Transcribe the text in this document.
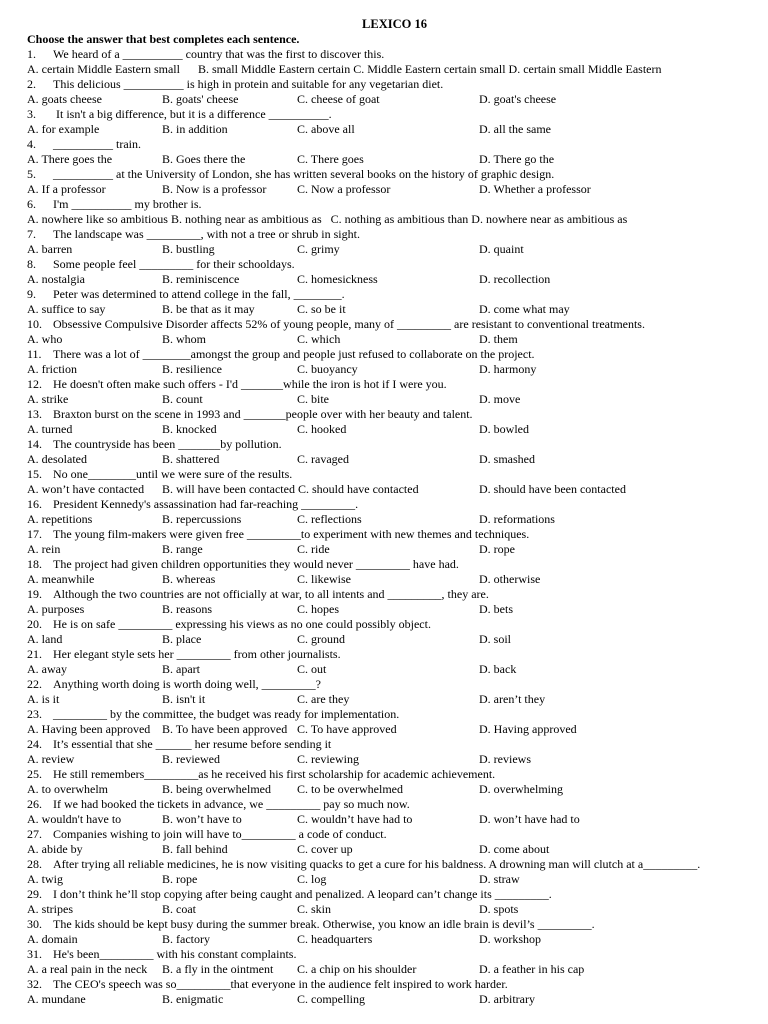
LEXICO 16
Choose the answer that best completes each sentence.
1. We heard of a __________ country that was the first to discover this.
A. certain Middle Eastern small      B. small Middle Eastern certain C. Middle Eastern certain small D. certain small Middle Eastern
2. This delicious __________ is high in protein and suitable for any vegetarian diet.
A. goats cheese	B. goats' cheese	C. cheese of goat	D. goat's cheese
3. It isn't a big difference, but it is a difference __________.
A. for example	B. in addition	C. above all	D. all the same
4. __________ train.
A. There goes the	B. Goes there the	C. There goes	D. There go the
5. __________ at the University of London, she has written several books on the history of graphic design.
A. If a professor	B. Now is a professor	C. Now a professor	D. Whether a professor
6. I'm __________ my brother is.
A. nowhere like so ambitious B. nothing near as ambitious as   C. nothing as ambitious than D. nowhere near as ambitious as
7. The landscape was _________, with not a tree or shrub in sight.
A. barren	B. bustling	C. grimy	D. quaint
8. Some people feel _________ for their schooldays.
A. nostalgia	B. reminiscence	C. homesickness	D. recollection
9. Peter was determined to attend college in the fall, ________.
A. suffice to say	B. be that as it may	C. so be it	D. come what may
10. Obsessive Compulsive Disorder affects 52% of young people, many of _________ are resistant to conventional treatments.
A. who	B. whom	C. which	D. them
11. There was a lot of ________amongst the group and people just refused to collaborate on the project.
A. friction	B. resilience	C. buoyancy	D. harmony
12. He doesn't often make such offers - I'd _______while the iron is hot if I were you.
A. strike	B. count	C. bite	D. move
13. Braxton burst on the scene in 1993 and _______people over with her beauty and talent.
A. turned	B. knocked	C. hooked	D. bowled
14. The countryside has been _______by pollution.
A. desolated	B. shattered	C. ravaged	D. smashed
15. No one________until we were sure of the results.
A. won’t have contacted B. will have been contacted C. should have contacted	D. should have been contacted
16. President Kennedy's assassination had far-reaching _________.
A. repetitions	B. repercussions	C. reflections	D. reformations
17. The young film-makers were given free _________to experiment with new themes and techniques.
A. rein	B. range	C. ride	D. rope
18. The project had given children opportunities they would never _________ have had.
A. meanwhile	B. whereas	C. likewise	D. otherwise
19. Although the two countries are not officially at war, to all intents and _________, they are.
A. purposes	B. reasons	C. hopes	D. bets
20. He is on safe _________ expressing his views as no one could possibly object.
A. land	B. place	C. ground	D. soil
21. Her elegant style sets her _________ from other journalists.
A. away	B. apart	C. out	D. back
22. Anything worth doing is worth doing well, _________?
A. is it	B. isn't it	C. are they	D. aren’t they
23. _________ by the committee, the budget was ready for implementation.
A. Having been approved B. To have been approved C. To have approved	D. Having approved
24. It’s essential that she ______ her resume before sending it
A. review	B. reviewed	C. reviewing	D. reviews
25. He still remembers_________as he received his first scholarship for academic achievement.
A. to overwhelm	B. being overwhelmed C. to be overwhelmed	D. overwhelming
26. If we had booked the tickets in advance, we _________ pay so much now.
A. wouldn't have to	B. won’t have to	C. wouldn’t have had to	D. won’t have had to
27. Companies wishing to join will have to_________ a code of conduct.
A. abide by	B. fall behind	C. cover up	D. come about
28. After trying all reliable medicines, he is now visiting quacks to get a cure for his baldness. A drowning man will clutch at a_________.
A. twig	B. rope	C. log	D. straw
29. I don’t think he’ll stop copying after being caught and penalized. A leopard can’t change its _________.
A. stripes	B. coat	C. skin	D. spots
30. The kids should be kept busy during the summer break. Otherwise, you know an idle brain is devil’s _________.
A. domain	B. factory	C. headquarters	D. workshop
31. He's been_________ with his constant complaints.
A. a real pain in the neck B. a fly in the ointment C. a chip on his shoulder	D. a feather in his cap
32. The CEO's speech was so_________that everyone in the audience felt inspired to work harder.
A. mundane	B. enigmatic	C. compelling	D. arbitrary
